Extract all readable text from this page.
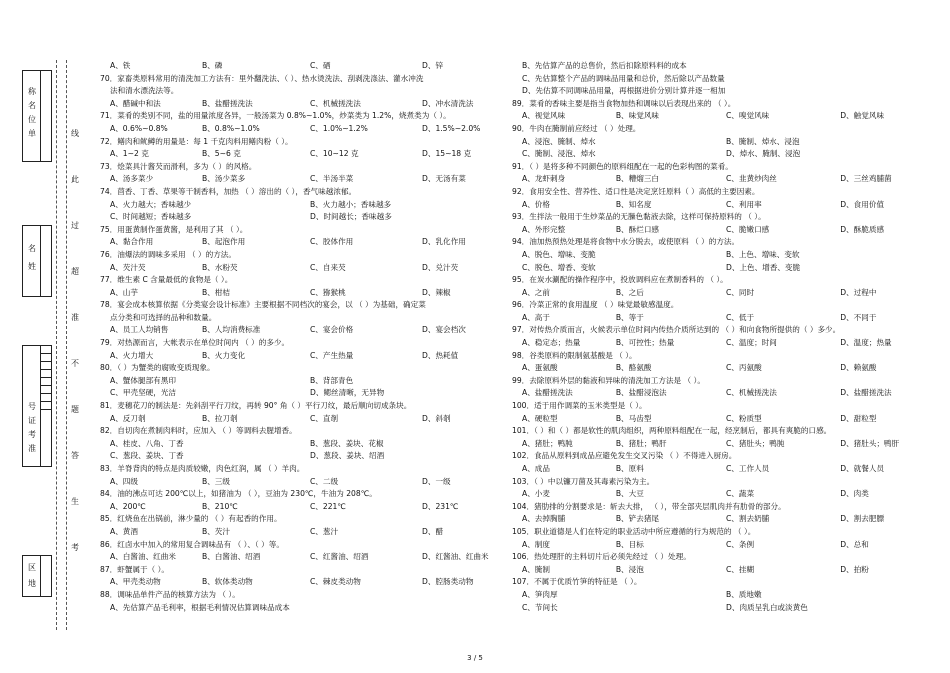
称名位单
名姓
号证考准
区地
线
此
过
超
准
不
题
答
生
考
A、铁	B、磷	C、硒	D、锌
70．家畜类原料常用的清洗加工方法有：里外翻洗法、（ ）、热水烫洗法、刮剥洗涤法、灌水冲洗
法和清水漂洗法等。
A、醋碱中和法	B、盐醋搓洗法	C、机械搓洗法	D、冲水清洗法
71．菜肴的类别不同，盐的用量浓度各异，一般汤菜为 0.8%~1.0%，炒菜类为 1.2%，烧煮类为（ ）。
A、0.6%~0.8%	B、0.8%~1.0%	C、1.0%~1.2%	D、1.5%~2.0%
72．鳝肉和鱿鳟的用量是：每 1 千克肉料用鳝肉粉（ ）。
A、1~2 克	B、5~6 克	C、10~12 克	D、15~18 克
73．烩菜具汁酱芡而滑利，多为（ ）的风格。
A、汤多菜少	B、汤少菜多	C、半汤半菜	D、无汤有菜
74．茴香、丁香、草果等干制香料，加热 （ ）溶出的（ ），香气味越浓郁。
A、火力越大；香味越少	B、火力越小；香味越多
C、时间越短；香味越多	D、时间越长；香味越多
75．用蛋黄制作蛋黄酱，是利用了其 （ ）。
A、黏合作用	B、起泡作用	C、胶体作用	D、乳化作用
76．油爆法的调味多采用 （ ）的方法。
A、芡汁芡	B、水粉芡	C、自来芡	D、兑汁芡
77．维生素 C 含量最低的食物是（ ）。
A、山芋	B、柑桔	C、猕猴桃	D、辣椒
78．宴会成本核算依据《分类宴会设计标准》主要根据不同档次的宴会，以 （ ）为基础，确定菜
点分类和可选择的品种和数量。
A、员工人均销售	B、人均消费标准	C、宴会价格	D、宴会档次
79．对热源而言，大帐表示在单位时间内 （ ）的多少。
A、火力增大	B、火力变化	C、产生热量	D、热耗值
80．（ ）为蟹类的腐败变质现象。
A、蟹体腿部有黑印	B、背部青色
C、甲壳坚硬，光洁	D、鳃丝清晰，无异物
81．麦穗花刀的制法是：先斜刮平行刀纹，再转 90° 角（ ）平行刀纹，最后顺向切成条块。
A、反刀剞	B、拉刀剞	C、直剞	D、斜剞
82．自切肉在煮制肉料时，应加入 （ ）等调料去腥增香。
A、桂皮、八角、丁香	B、葱段、姜块、花椒
C、葱段、姜块、丁香	D、葱段、姜块、绍酒
83．羊脊背肉的特点是肉质较嫩，肉色红润，属 （ ）羊肉。
A、四级	B、三级	C、二级	D、一级
84．油的沸点可达 200℃以上，如猪油为 （ ），豆油为 230℃，牛油为 208℃。
A、200℃	B、210℃	C、221℃	D、231℃
85．红烧鱼在出锅前，淋少量的 （ ）有起香的作用。
A、黄酒	B、芡汁	C、葱汁	D、醋
86．红卤水中加入的常用复合调味品有 （ ）、（ ）等。
A、白酱油、红曲米	B、白酱油、绍酒	C、红酱油、绍酒	D、红酱油、红曲米
87．虾蟹属于（ ）。
A、甲壳类动物	B、软体类动物	C、棘皮类动物	D、腔肠类动物
88．调味品单件产品的核算方法为 （ ）。
A、先估算产品毛利率，根据毛利情况估算调味品成本
B、先估算产品的总售价，然后扣除原料料的成本
C、先估算整个产品的调味品用量和总价，然后除以产品数量
D、先估算不同调味品用量，再根据进价分别计算并逐一相加
89．菜肴的香味主要是指当食物加热和调味以后表现出来的 （ ）。
A、视觉风味	B、味觉风味	C、嗅觉风味	D、触觉风味
90．牛肉在腌制前应经过 （ ）处理。
A、浸泡、腌制、焯水	B、腌制、焯水、浸泡
C、腌制、浸泡、焯水	D、焯水、腌制、浸泡
91．（ ）是将多种不同颜色的原料组配在一起的色彩构图的菜肴。
A、龙虾刺身	B、糟熘三白	C、韭黄炒肉丝	D、三丝鸡脯菌
92．食用安全性、营养性、适口性是决定烹饪原料（ ）高低的主要因素。
A、价格	B、知名度	C、利用率	D、食用价值
93．生拌法一般用于生炒菜品的无臊色黏液去除，这样可保持原料的 （ ）。
A、外形完整	B、酥烂口感	C、脆嫩口感	D、酥脆质感
94．油加热预热处理是将食物中水分脱去，或使原料 （ ）的方法。
A、脱色、增味、变脆	B、上色、增味、变软
C、脱色、增香、变软	D、上色、增香、变脆
95．在炭水涮配的操作程序中，投放调料应在煮制香料的 （ ）。
A、之前	B、之后	C、同时	D、过程中
96．冷菜正常的食用温度 （ ）味觉最敏感温度。
A、高于	B、等于	C、低于	D、不同于
97．对传热介质而言，火候表示单位时间内传热介质所达到的 （ ）和向食物所提供的（ ）多少。
A、稳定态；热量	B、可控性；热量	C、温度；时间	D、温度；热量
98．谷类原料的限制氨基酸是 （ ）。
A、蛋氨酸	B、酪氨酸	C、丙氨酸	D、赖氨酸
99．去除原料外层的黏液和异味的清洗加工方法是 （ ）。
A、盐醋搓洗法	B、盐醋浸泡法	C、机械搓洗法	D、盐醋搓洗法
100．适于用作调菜的玉米类型是（ ）。
A、硬粒型	B、马齿型	C、粉质型	D、甜粒型
101．（ ）和（ ）都是软性的肌肉组织，两种原料组配在一起，经烹制后，都具有爽脆的口感。
A、猪肚；鸭肫	B、猪肚；鸭肝	C、猪肚头；鸭肫	D、猪肚头；鸭肝
102．食品从原料到成品应避免发生交叉污染 （ ）不得进入厨房。
A、成品	B、原料	C、工作人员	D、就餐人员
103．（ ）中以镰刀菌及其毒素污染为主。
A、小麦	B、大豆	C、蔬菜	D、肉类
104．猪肋排的分割要求是：斩去大排， （ ），带全部夹层肌肉并有肋骨的部分。
A、去掉胸脯	B、铲去猪尾	C、割去奶脯	D、割去肥膘
105．职业道德是人们在特定的职业活动中所应遵循的行为规范的 （ ）。
A、制度	B、目标	C、条例	D、总和
106．热处理肝的主料切片后必须先经过 （ ）处理。
A、腌制	B、浸泡	C、挂糊	D、拍粉
107．不属于优质竹笋的特征是 （ ）。
A、笋肉厚	B、质地嫩
C、节间长	D、肉质呈乳白或淡黄色
3 / 5
